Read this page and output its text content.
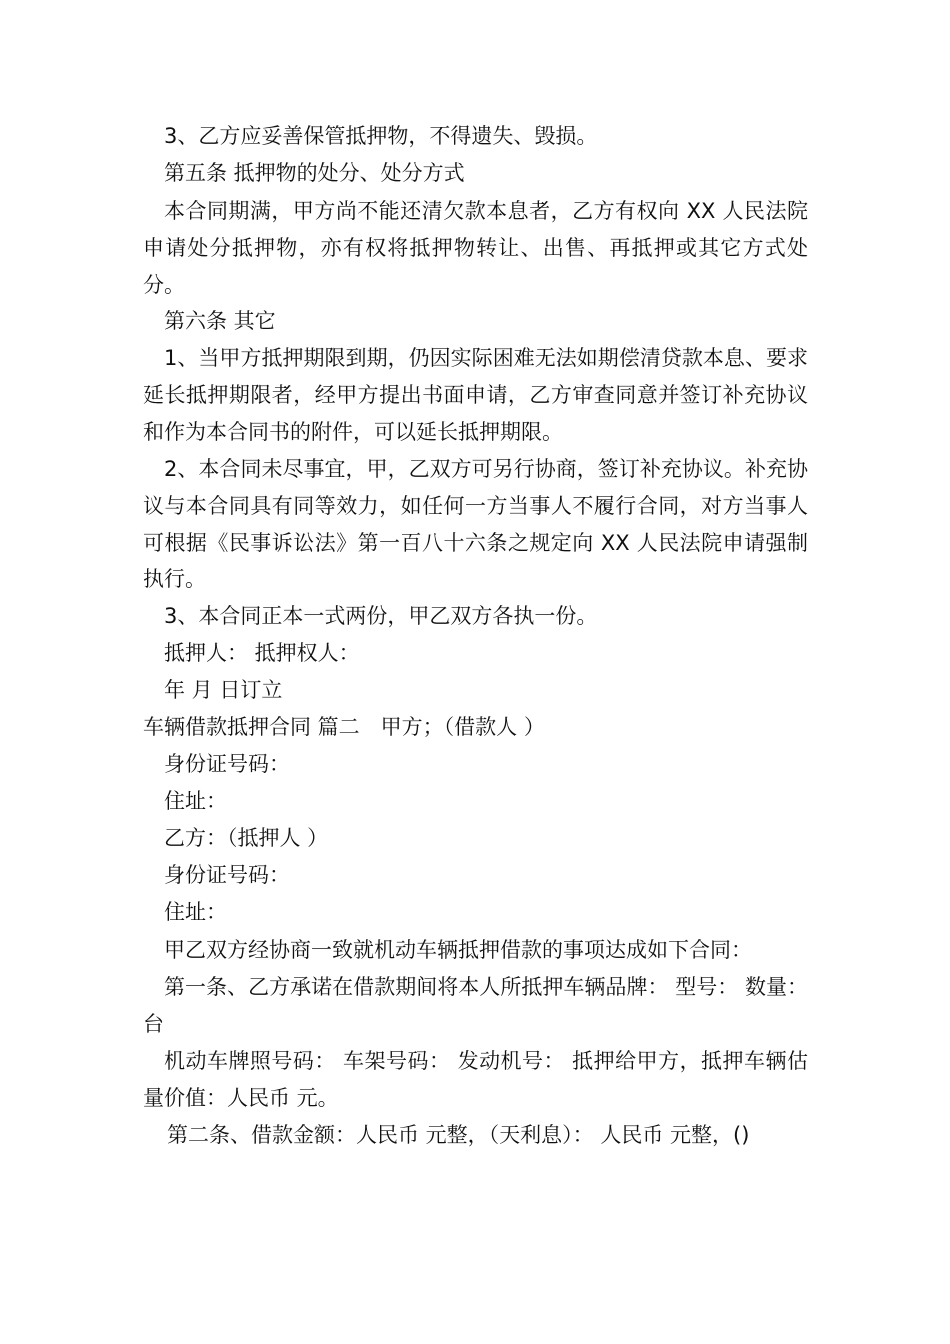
3、乙方应妥善保管抵押物，不得遗失、毁损。
第五条 抵押物的处分、处分方式
本合同期满，甲方尚不能还清欠款本息者，乙方有权向 XX 人民法院申请处分抵押物，亦有权将抵押物转让、出售、再抵押或其它方式处分。
第六条 其它
1、当甲方抵押期限到期，仍因实际困难无法如期偿清贷款本息、要求延长抵押期限者，经甲方提出书面申请，乙方审查同意并签订补充协议和作为本合同书的附件，可以延长抵押期限。
2、本合同未尽事宜，甲，乙双方可另行协商，签订补充协议。补充协议与本合同具有同等效力，如任何一方当事人不履行合同，对方当事人可根据《民事诉讼法》第一百八十六条之规定向 XX 人民法院申请强制执行。
3、本合同正本一式两份，甲乙双方各执一份。
抵押人： 抵押权人：
年 月 日订立
车辆借款抵押合同 篇二　甲方；（借款人 ）
身份证号码：
住址：
乙方：（抵押人 ）
身份证号码：
住址：
甲乙双方经协商一致就机动车辆抵押借款的事项达成如下合同：
第一条、乙方承诺在借款期间将本人所抵押车辆品牌： 型号： 数量： 台
机动车牌照号码： 车架号码： 发动机号： 抵押给甲方，抵押车辆估量价值：人民币 元。
第二条、借款金额：人民币 元整，（天利息）： 人民币 元整，()
